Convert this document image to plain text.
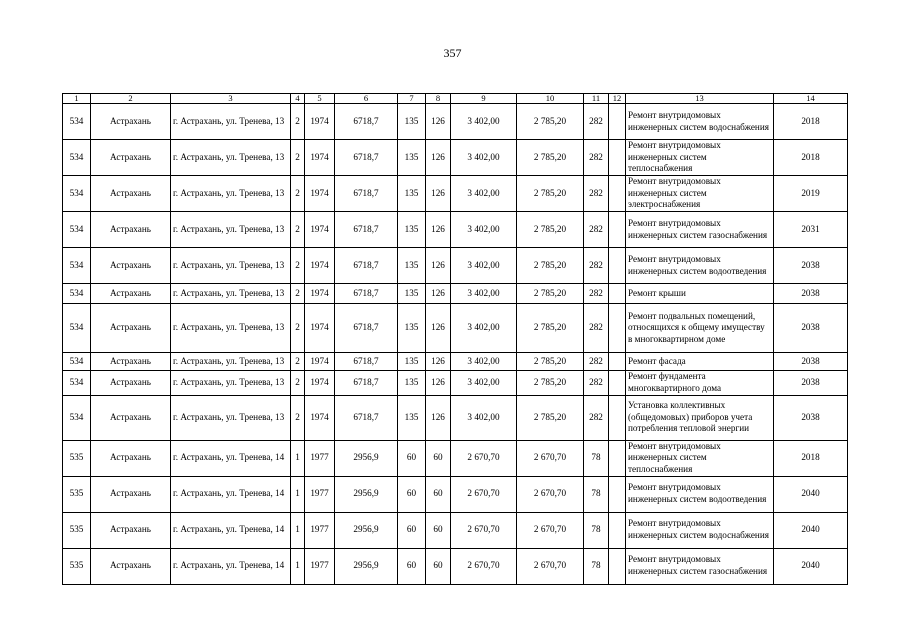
357
1	2	3	4	5	6	7	8	9	10	11	12	13	14
534	Астрахань	г. Астрахань, ул. Тренева, 13	2	1974	6718,7	135	126	3 402,00	2 785,20	282		Ремонт внутридомовых инженерных систем водоснабжения	2018
534	Астрахань	г. Астрахань, ул. Тренева, 13	2	1974	6718,7	135	126	3 402,00	2 785,20	282		Ремонт внутридомовых инженерных систем теплоснабжения	2018
534	Астрахань	г. Астрахань, ул. Тренева, 13	2	1974	6718,7	135	126	3 402,00	2 785,20	282		Ремонт внутридомовых инженерных систем электроснабжения	2019
534	Астрахань	г. Астрахань, ул. Тренева, 13	2	1974	6718,7	135	126	3 402,00	2 785,20	282		Ремонт внутридомовых инженерных систем газоснабжения	2031
534	Астрахань	г. Астрахань, ул. Тренева, 13	2	1974	6718,7	135	126	3 402,00	2 785,20	282		Ремонт внутридомовых инженерных систем водоотведения	2038
534	Астрахань	г. Астрахань, ул. Тренева, 13	2	1974	6718,7	135	126	3 402,00	2 785,20	282		Ремонт крыши	2038
534	Астрахань	г. Астрахань, ул. Тренева, 13	2	1974	6718,7	135	126	3 402,00	2 785,20	282		Ремонт подвальных помещений, относящихся к общему имуществу в многоквартирном доме	2038
534	Астрахань	г. Астрахань, ул. Тренева, 13	2	1974	6718,7	135	126	3 402,00	2 785,20	282		Ремонт фасада	2038
534	Астрахань	г. Астрахань, ул. Тренева, 13	2	1974	6718,7	135	126	3 402,00	2 785,20	282		Ремонт фундамента многоквартирного дома	2038
534	Астрахань	г. Астрахань, ул. Тренева, 13	2	1974	6718,7	135	126	3 402,00	2 785,20	282		Установка коллективных (общедомовых) приборов учета потребления тепловой энергии	2038
535	Астрахань	г. Астрахань, ул. Тренева, 14	1	1977	2956,9	60	60	2 670,70	2 670,70	78		Ремонт внутридомовых инженерных систем теплоснабжения	2018
535	Астрахань	г. Астрахань, ул. Тренева, 14	1	1977	2956,9	60	60	2 670,70	2 670,70	78		Ремонт внутридомовых инженерных систем водоотведения	2040
535	Астрахань	г. Астрахань, ул. Тренева, 14	1	1977	2956,9	60	60	2 670,70	2 670,70	78		Ремонт внутридомовых инженерных систем водоснабжения	2040
535	Астрахань	г. Астрахань, ул. Тренева, 14	1	1977	2956,9	60	60	2 670,70	2 670,70	78		Ремонт внутридомовых инженерных систем газоснабжения	2040
